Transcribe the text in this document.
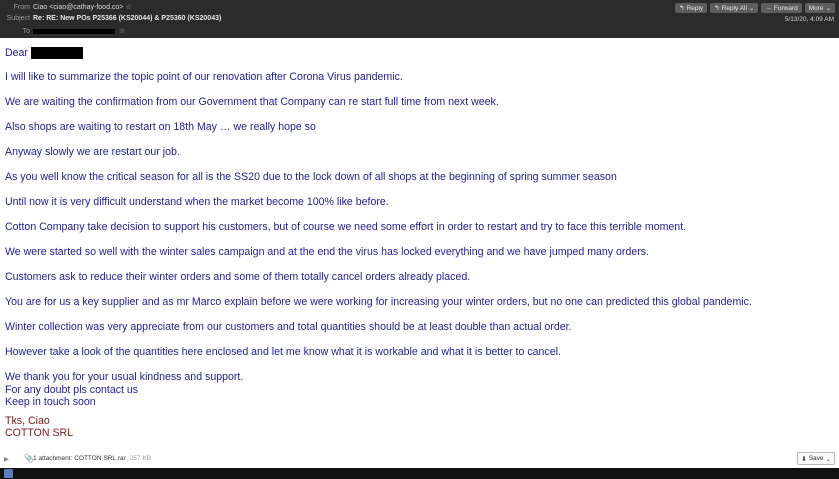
From Ciao <ciao@cathay-food.co> ☆
Subject Re: RE: New POs P25366 (KS20044) & P25360 (KS20043)
To	☆
↰ Reply ↰ Reply All ⌄ → Forward More ⌄
5/13/20, 4:09 AM
Dear
I will like to summarize the topic point of our renovation after Corona Virus pandemic.
We are waiting the confirmation from our Government that Company can re start full time from next week.
Also shops are waiting to restart on 18th May … we really hope so
Anyway slowly we are restart our job.
As you well know the critical season for all is the SS20 due to the lock down of all shops at the beginning of spring summer season
Until now it is very difficult understand when the market become 100% like before.
Cotton Company take decision to support his customers, but of course we need some effort in order to restart and try to face this terrible moment.
We were started so well with the winter sales campaign and at the end the virus has locked everything and we have jumped many orders.
Customers ask to reduce their winter orders and some of them totally cancel orders already placed.
You are for us a key supplier and as mr Marco explain before we were working for increasing your winter orders, but no one can predicted this global pandemic.
Winter collection was very appreciate from our customers and total quantities should be at least double than actual order.
However take a look of the quantities here enclosed and let me know what it is workable and what it is better to cancel.
We thank you for your usual kindness and support.
For any doubt pls contact us
Keep in touch soon
Tks, Ciao
COTTON SRL
▶ 📎 1 attachment: COTTON SRL.rar 257 KB	⬇ Save ⌄
